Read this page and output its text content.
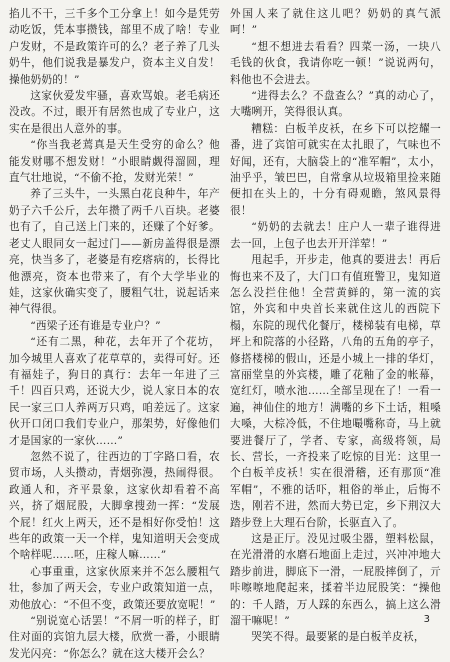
掐儿不干，三千多个工分拿上！如今是凭劳动吃饭，凭本事攒钱，部里不成了啥！专业户发财，不是政策许可的么？老子养了几头奶牛，他们说我是暴发户，资本主义自发！操他奶奶的！”

这家伙爱发牢骚，喜欢骂娘。老毛病还没改。不过，眼开有居然也成了专业户，这实在是很出人意外的事。

“你当我老蔫真是天生受穷的命么？他能发财哪不想发财！”小眼睛觑得溜圆，理直气壮地说，“不偷不抢，发财光荣！”

养了三头牛，一头黑白花良种牛，年产奶子六千公斤，去年攒了两千八百块。老婆也有了，自己送上门来的，还赚了个好爹。老丈人眼同女一起过门——新房盖得很是漂亮，快当多了，老婆是有疙瘩病的，长得比他漂亮，资本也带来了，有个大学毕业的娃，这家伙确实变了，腰粗气壮，说起话来神气得很。

“西梁子还有谁是专业户？”

“还有二黑，种花，去年开了个花坊，加今城里人喜欢了花草草的，卖得可好。还有福娃子，狗日的真行：去年一年进了三千！四百只鸡，还说大少，说人家日本的农民一家三口人养两万只鸡，咱差远了。这家伙开口闭口我们专业户，那架势，好像他们才是国家的一家伙……”

忽然不说了，往西边的丁字路口看，农贸市场，人头攒动，青烟弥漫，热闹得很。政通人和，齐平景象，这家伙却看着不高兴，挤了烟屁股，大脚拿搜劲一挥：“发展个屁！红火上两天，还不是相好你受怕！这些年的政策一天一个样，鬼知道明天会变成个啥样呢……呸，庄稼人嘛……”

心事重重，这家伙原来并不怎么腰粗气壮，参加了两天会，专业户政策知道一点，劝他放心：“不但不变，政策还要放宽呢！”

“别说宽心话罢！”不屑一听的样子，盯住对面的宾馆九层大楼，欣赏一番，小眼睛发光闪亮：“你怎么？就在这大楼开会么？

外国人来了就住这儿吧？奶奶的真气派呵！”

“想不想进去看看？四菜一汤，一块八毛钱的伙食，我请你吃一顿！”说说两句，料他也不会进去。

“进得去么？不盘查么？”真的动心了，大嘴咧开，笑得很认真。

糟糕：白板羊皮袄，在乡下可以挖耀一番，进了宾馆可就实在太扎眼了，气味也不好闻，还有，大脑袋上的“准军帽”，太小，油乎乎，皱巴巴，自常拿从垃圾箱里捡来随便扣在头上的，十分有碍观瞻，煞风景得很！

“奶奶的去就去！庄户人一辈子谁得进去一回，上包子也去开开洋荤！”

甩起手，开步走，他真的要进去！再后悔也来不及了，大门口有值班警卫，鬼知道怎么没拦住他！全营黄鲜的，第一流的宾馆，外宾和中央首长来就住这儿的西院下榻，东院的现代化餐厅，楼梯装有电梯，草坪上和院落的小径路，八角的五角的亭子，修搭楼梯的假山，还是小城上一排的华灯，富丽堂皇的外宾楼，雕了花釉了金的帐幕，宽红灯，喷水池……全部呈现在了！一看一遍，神仙住的地方！满嘴的乡下土话，粗嗓大嗓，大棕冷低，不住地嘬嘴称奇，马上就要进餐厅了，学者、专家，高级将领，局长、营长，一齐投来了吃惊的目光：这里一个白板羊皮袄！实在很滑稽，还有那顶“准军帽”，不雅的话吓，粗俗的举止，后悔不迭，刚若不进，然而大势已定，乡下荆汉大踏步登上大理石台阶，长驱直入了。

这是正厅。没见过吸尘器，塑料松鼠，在光滑滑的水磨石地面上走过，兴冲冲地大踏步前进，脚底下一滑，一屁股摔倒了，亓咔嚓嚓地爬起来，揉着半边屁股笑：“操他的：千人踏，万人踩的东西么，搞上这么滑溜干嘛呢！”

哭笑不得。最要紧的是白板羊皮袄，

3
